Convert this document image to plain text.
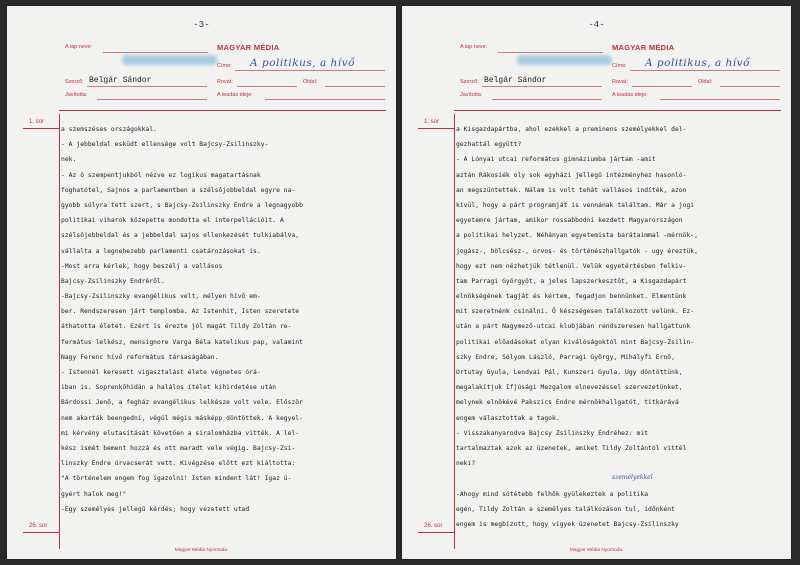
-3-
A lap neve:	MAGYAR MÉDIA
Címe: A politikus, a hívő
Szerző: Belgár Sándor	Rovat:	Oldal:
Javította:	A leadás ideje:
1. sor
26. sor
a szemszéses országokkal.
- A jebbeldal esküdt ellensége volt Bajcsy-Zsilinszky-
nek.
- Az ő szempentjukból nézve ez logikus magatartásnak
foghatótel, Sajnos a parlamentben a szélsőjobbeldal egyre na-
gyobb súlyra tett szert, s Bajcsy-Zsilinszky Endre a legnagyobb
politikai viharok közepette mondotta el interpellációit. A
szélsőjebbeldal és a jebbeldal sajos ellenkezését tulkiabálva,
vállalta a legnehezebb parlamenti csatározásokat is.
-Most arra kérlek, hogy beszélj a vallásos
Bajcsy-Zsilinszky Endréről.
-Bajcsy-Zsilinszky evangélikus velt, mélyen hívő em-
ber. Rendszeresen járt templomba. Az Istenhit, Isten szeretete
áthatotta életét. Ezért is érezte jól magát Tildy Zoltán re-
fermátus lelkész, mensignore Varga Béla katelikus pap, valamint
Nagy Ferenc hívő református társaságában.
- Istennél keresett vigasztalást élete végnetes órá-
iban is. Soprenkőhidán a halálos ítélet kihirdetése után
Bárdossi Jenő, a fegház evangélikus lelkésze volt vele. Először
nem akarták beengedni, végül mégis másképp döntöttek. A kegyel-
mi kérvény elutasítását követően a siralomházba vitték. A lel-
kész ismét bement hozzá és ott maradt vele végig. Bajcsy-Zsi-
linszky Endre úrvacserát vett. Kivégzése előtt ezt kiáltotta:
"A történelem engem fog igazolni! Isten mindent lát! Igaz ü-
gyért halok meg!"
-Egy személyes jellegű kérdés; hogy vezetett utad
Magyar Média Nyomoda.
-4-
A lap neve:	MAGYAR MÉDIA
Címe: A politikus, a hívő
Szerző: Belgár Sándor	Rovat:	Oldal:
Javította:	A leadás ideje:
1. sor
26. sor
személyekkel
a Kisgazdapártba, ahol ezekkel a preminens személyekkel del-
gezhattál együtt?
- A Lónyai utcai református gimnáziumba jártam -amit
aztán Rákosiék oly sok egyházi jellegű intézményhez hasonló-
an megszüntettek. Nálam is volt tehát vallásos indíték, azon
kívül, hogy a párt programját is vennának találtam. Már a jogi
egyetemre jártam, amikor rossabbodni kezdett Magyarországon
a politikai helyzet. Néhányan egyetemista barátaimmal -mérnök-,
jogász-, bölcsész-, orvos- és történészhallgatók - ugy éreztük,
hogy ezt nem nézhetjük tétlenül. Velük egyetértésben felkiv-
tam Parragi Györgyöt, a jeles lapszerkesztőt, a Kisgazdapárt
elnökségének tagját és kértem, fegadjon bennünket. Elmentünk
mit szeretnénk csinálni. Ő készségesen találkozott velünk. Ez-
után a párt Nagymező-utcai klubjában rendszeresen hallgattunk
politikai előadásokat olyan kiválóságoktól mint Bajcsy-Zsilin-
szky Endre, Sólyom László, Parragi György, Mihályfi Ernő,
Ortutay Gyula, Lendvai Pál, Kunszeri Gyula. Ugy döntöttünk,
megalakítjuk Ifjúsági Mezgalom elnevezéssel szervezetünket,
melynek elnökévé Pakszics Endre mérnökhallgatót, titkárává
engem választottak a tagok.
- Visszakanyarodva Bajcsy Zsilinszky Endréhez: mit
tartalmaztak azok az üzenetek, amiket Tildy Zoltántól vittél
neki?
-Ahogy mind sötétebb felhők gyülekeztek a politika
egén, Tildy Zoltán a személyes találkozáson tul, időnként
engem is megbízott, hogy vigyek üzenetet Bajcsy-Zsilinszky
Magyar Média Nyomoda.
